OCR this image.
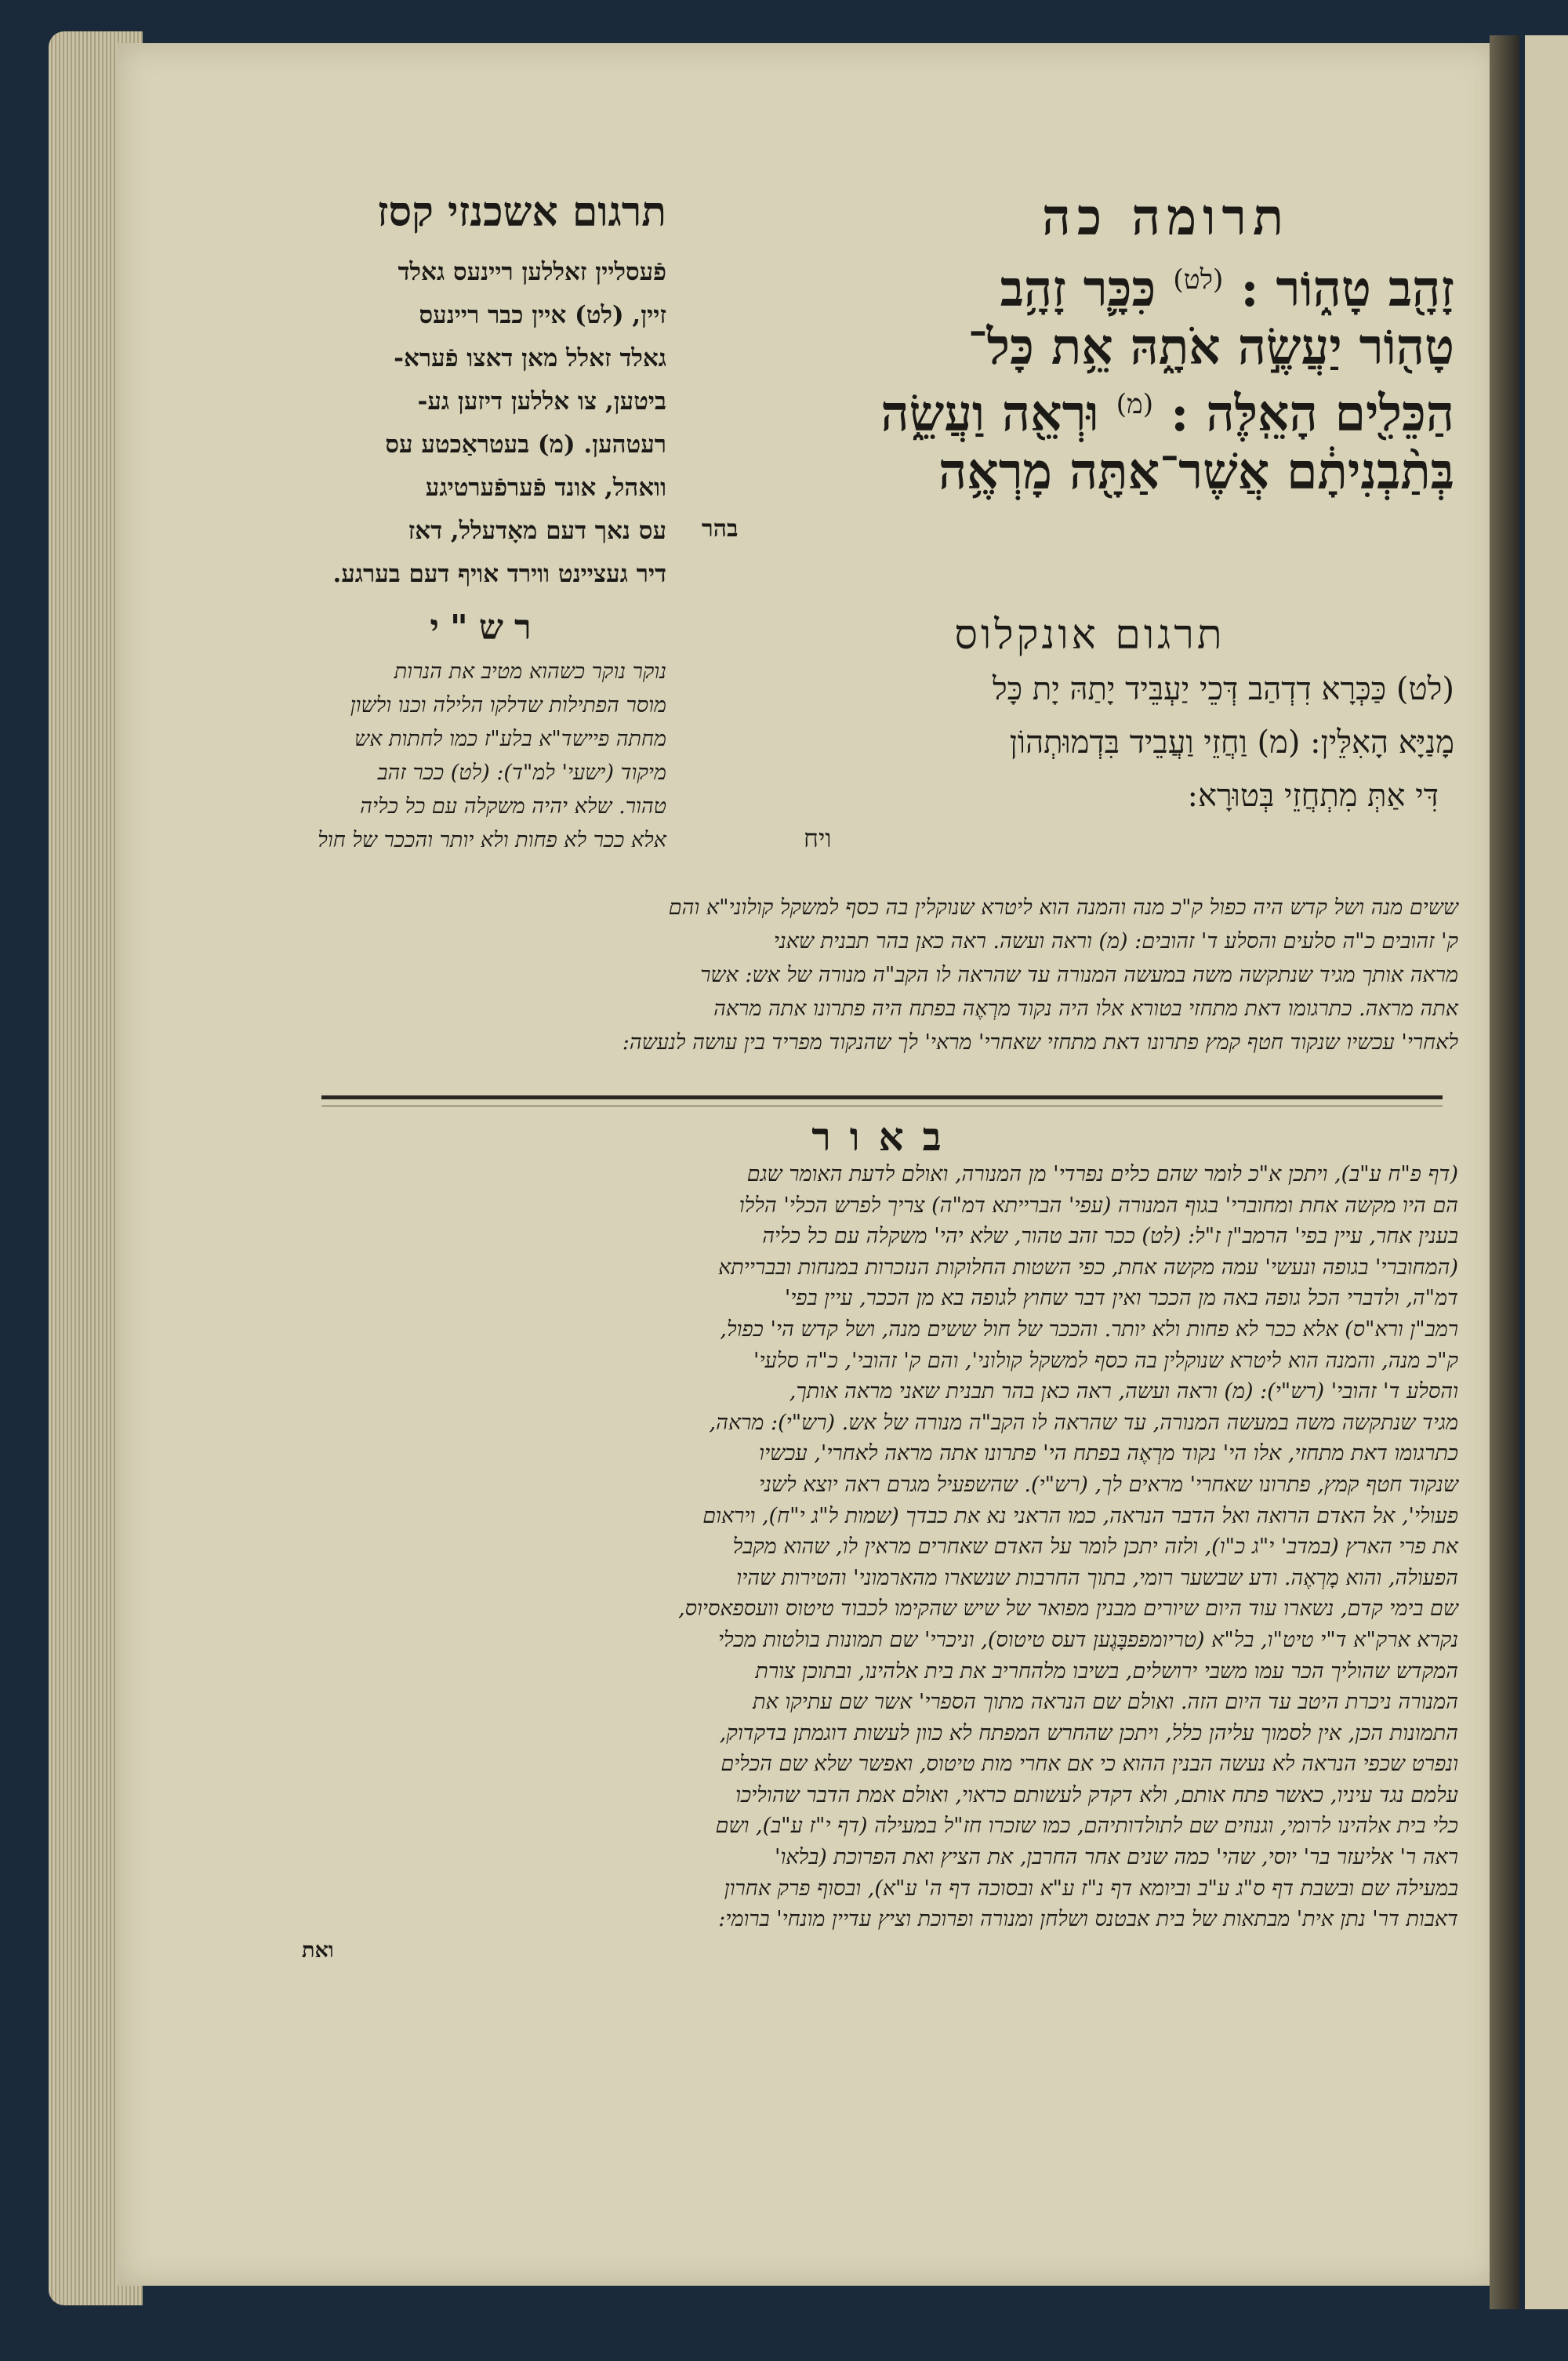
תרומה כה
תרגום אשכנזי קסז
זָהָ֖ב טָה֑וֹר : $^{(לט)}$ כִּכָּ֛ר זָהָ֥ב
טָה֖וֹר יַעֲשֶׂ֣ה אֹתָ֑הּ אֵ֥ת כָּל־
הַכֵּלִ֖ים הָאֵֽלֶּה : $^{(מ)}$ וּרְאֵ֖ה וַעֲשֵׂ֑ה
בְּתַ֨בְנִיתָ֔ם אֲשֶׁר־אַתָּ֖ה מָרְאֶ֥ה
בהר
פֿעסליין זאללען ריינעס גאלד
זיין, (לט) איין כבר ריינעס
גאלד זאלל מאן דאצו פֿערא-
ביטען, צו אללען דיזען גע-
רעטהען. (מ) בעטראַכטע עס
וואהל, אונד פֿערפֿערטיגע
עס נאך דעם מאָדעלל, דאז
דיר געציינט ווירד אויף דעם בערגע.
תרגום אונקלוס
(לט) כַּכְּרָא דִדְהַב דְּכֵי יַעְבֵּיד יָתַהּ יָת כָּל
מָנַיָּא הָאִלֵּין: (מ) וַחֲזֵי וַעֲבֵיד בִּדְמוּתְהוֹן
דִּי אַתְּ מִתְחֲזֵי בְּטוּרָא:
ויח
רש"י
נוקר נוקר כשהוא מטיב את הנרות
מוסר הפתילות שדלקו הלילה וכנו ולשון
מחתה פיישד"א בלע"ז כמו לחתות אש
מיקוד (ישעי' למ"ד): (לט) ככר זהב
טהור. שלא יהיה משקלה עם כל כליה
אלא ככר לא פחות ולא יותר והככר של חול
ששים מנה ושל קדש היה כפול ק"כ מנה והמנה הוא ליטרא שנוקלין בה כסף למשקל קולוני"א והם
ק' זהובים כ"ה סלעים והסלע ד' זהובים: (מ) וראה ועשה. ראה כאן בהר תבנית שאני
מראה אותך מגיד שנתקשה משה במעשה המנורה עד שהראה לו הקב"ה מנורה של אש: אשר
אתה מראה. כתרגומו דאת מתחזי בטורא אלו היה נקוד מרְאֶה בפתח היה פתרונו אתה מראה
לאחרי' עכשיו שנקוד חטף קמץ פתרונו דאת מתחזי שאחרי' מראי' לך שהנקוד מפריד בין עושה לנעשה:
באור
(דף פ"ח ע"ב), ויתכן א"כ לומר שהם כלים נפרדי' מן המנורה, ואולם לדעת האומר שגם
הם היו מקשה אחת ומחוברי' בגוף המנורה (עפי' הברייתא דמ"ה) צריך לפרש הכלי' הללו
בענין אחר, עיין בפי' הרמב"ן ז"ל: (לט) ככר זהב טהור, שלא יהי' משקלה עם כל כליה
(המחוברי' בגופה ונעשי' עמה מקשה אחת, כפי השטות החלוקות הנזכרות במנחות ובברייתא
דמ"ה, ולדברי הכל גופה באה מן הככר ואין דבר שחוץ לגופה בא מן הככר, עיין בפי'
רמב"ן ורא"ס) אלא ככר לא פחות ולא יותר. והככר של חול ששים מנה, ושל קדש הי' כפול,
ק"כ מנה, והמנה הוא ליטרא שנוקלין בה כסף למשקל קולוני', והם ק' זהובי', כ"ה סלעי'
והסלע ד' זהובי' (רש"י): (מ) וראה ועשה, ראה כאן בהר תבנית שאני מראה אותך,
מגיד שנתקשה משה במעשה המנורה, עד שהראה לו הקב"ה מנורה של אש. (רש"י): מראה,
כתרגומו דאת מתחזי, אלו הי' נקוד מרְאֶה בפתח הי' פתרונו אתה מראה לאחרי', עכשיו
שנקוד חטף קמץ, פתרונו שאחרי' מראים לך, (רש"י). שהשפעיל מגרם ראה יוצא לשני
פעולי', אל האדם הרואה ואל הדבר הנראה, כמו הראני נא את כבדך (שמות ל"ג י"ח), ויראום
את פרי הארץ (במדב' י"ג כ"ו), ולזה יתכן לומר על האדם שאחרים מראין לו, שהוא מקבל
הפעולה, והוא מָרְאֶה. ודע שבשער רומי, בתוך החרבות שנשארו מהארמוני' והטירות שהיו
שם בימי קדם, נשארו עוד היום שיורים מבנין מפואר של שיש שהקימו לכבוד טיטוס וועספאסיוס,
נקרא ארק"א ד"י טיט"ו, בל"א (טריומפפבָּגֶען דעס טיטוס), וניכרי' שם תמונות בולטות מכלי
המקדש שהוליך הכר עמו משבי ירושלים, בשיבו מלהחריב את בית אלהינו, ובתוכן צורת
המנורה ניכרת היטב עד היום הזה. ואולם שם הנראה מתוך הספרי' אשר שם עתיקו את
התמונות הכן, אין לסמוך עליהן כלל, ויתכן שהחרש המפתח לא כוון לעשות דוגמתן בדקדוק,
ונפרט שכפי הנראה לא נעשה הבנין ההוא כי אם אחרי מות טיטוס, ואפשר שלא שם הכלים
עלמם נגד עיניו, כאשר פתח אותם, ולא דקדק לעשותם כראוי, ואולם אמת הדבר שהוליכו
כלי בית אלהינו לרומי, וגנוזים שם לתולדותיהם, כמו שזכרו חז"ל במעילה (דף י"ז ע"ב), ושם
ראה ר' אליעזר בר' יוסי, שהי' כמה שנים אחר החרבן, את הציץ ואת הפרוכת (בלאו'
במעילה שם ובשבת דף ס"ג ע"ב וביומא דף נ"ז ע"א ובסוכה דף ה' ע"א), ובסוף פרק אחרון
דאבות דר' נתן אית' מבתאות של בית אבטנס ושלחן ומנורה ופרוכת וציץ עדיין מונחי' ברומי:
ואת
